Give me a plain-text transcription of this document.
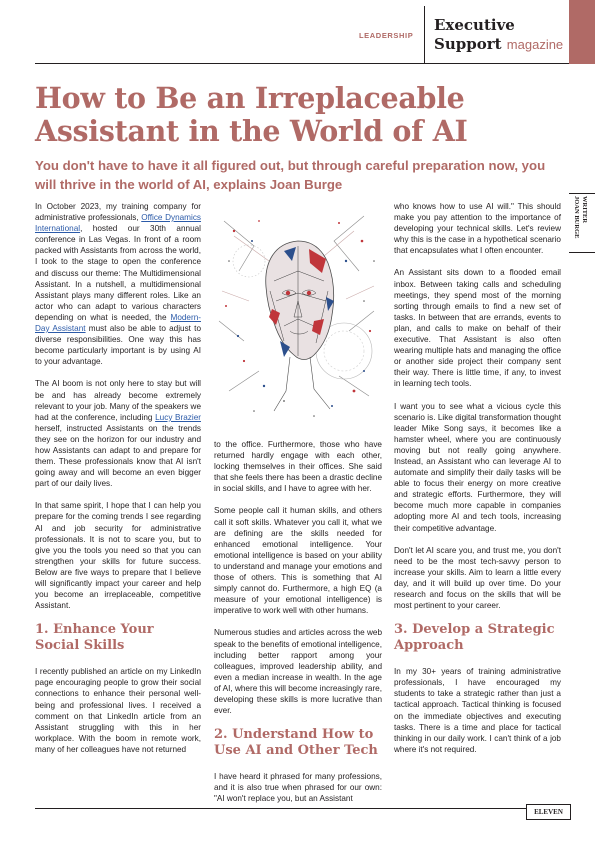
LEADERSHIP
Executive
Support magazine
How to Be an Irreplaceable Assistant in the World of AI
You don't have to have it all figured out, but through careful preparation now, you will thrive in the world of AI, explains Joan Burge
WRITER
JOAN BURGE

In October 2023, my training company for administrative professionals, Office Dynamics International, hosted our 30th annual conference in Las Vegas. In front of a room packed with Assistants from across the world, I took to the stage to open the conference and discuss our theme: The Multidimensional Assistant. In a nutshell, a multidimensional Assistant plays many different roles. Like an actor who can adapt to various characters depending on what is needed, the Modern-Day Assistant must also be able to adjust to diverse responsibilities. One way this has become particularly important is by using AI to your advantage.

The AI boom is not only here to stay but will be and has already become extremely relevant to your job. Many of the speakers we had at the conference, including Lucy Brazier herself, instructed Assistants on the trends they see on the horizon for our industry and how Assistants can adapt to and prepare for them. These professionals know that AI isn't going away and will become an even bigger part of our daily lives.

In that same spirit, I hope that I can help you prepare for the coming trends I see regarding AI and job security for administrative professionals. It is not to scare you, but to give you the tools you need so that you can strengthen your skills for future success. Below are five ways to prepare that I believe will significantly impact your career and help you become an irreplaceable, competitive Assistant.

1. Enhance Your
Social Skills

I recently published an article on my LinkedIn page encouraging people to grow their social connections to enhance their personal well-being and professional lives. I received a comment on that LinkedIn article from an Assistant struggling with this in her workplace. With the boom in remote work, many of her colleagues have not returned

to the office. Furthermore, those who have returned hardly engage with each other, locking themselves in their offices. She said that she feels there has been a drastic decline in social skills, and I have to agree with her.

Some people call it human skills, and others call it soft skills. Whatever you call it, what we are defining are the skills needed for enhanced emotional intelligence. Your emotional intelligence is based on your ability to understand and manage your emotions and those of others. This is something that AI simply cannot do. Furthermore, a high EQ (a measure of your emotional intelligence) is imperative to work well with other humans.

Numerous studies and articles across the web speak to the benefits of emotional intelligence, including better rapport among your colleagues, improved leadership ability, and even a median increase in wealth. In the age of AI, where this will become increasingly rare, developing these skills is more lucrative than ever.

2. Understand How to
Use AI and Other Tech

I have heard it phrased for many professions, and it is also true when phrased for our own: "AI won't replace you, but an Assistant

who knows how to use AI will." This should make you pay attention to the importance of developing your technical skills. Let's review why this is the case in a hypothetical scenario that encapsulates what I often encounter.

An Assistant sits down to a flooded email inbox. Between taking calls and scheduling meetings, they spend most of the morning sorting through emails to find a new set of tasks. In between that are errands, events to plan, and calls to make on behalf of their executive. That Assistant is also often wearing multiple hats and managing the office or another side project their company sent their way. There is little time, if any, to invest in learning tech tools.

I want you to see what a vicious cycle this scenario is. Like digital transformation thought leader Mike Song says, it becomes like a hamster wheel, where you are continuously moving but not really going anywhere. Instead, an Assistant who can leverage AI to automate and simplify their daily tasks will be able to focus their energy on more creative and strategic efforts. Furthermore, they will become much more capable in companies adopting more AI and tech tools, increasing their competitive advantage.

Don't let AI scare you, and trust me, you don't need to be the most tech-savvy person to increase your skills. Aim to learn a little every day, and it will build up over time. Do your research and focus on the skills that will be most pertinent to your career.

3. Develop a Strategic
Approach

In my 30+ years of training administrative professionals, I have encouraged my students to take a strategic rather than just a tactical approach. Tactical thinking is focused on the immediate objectives and executing tasks. There is a time and place for tactical thinking in our daily work. I can't think of a job where it's not required.

ELEVEN
